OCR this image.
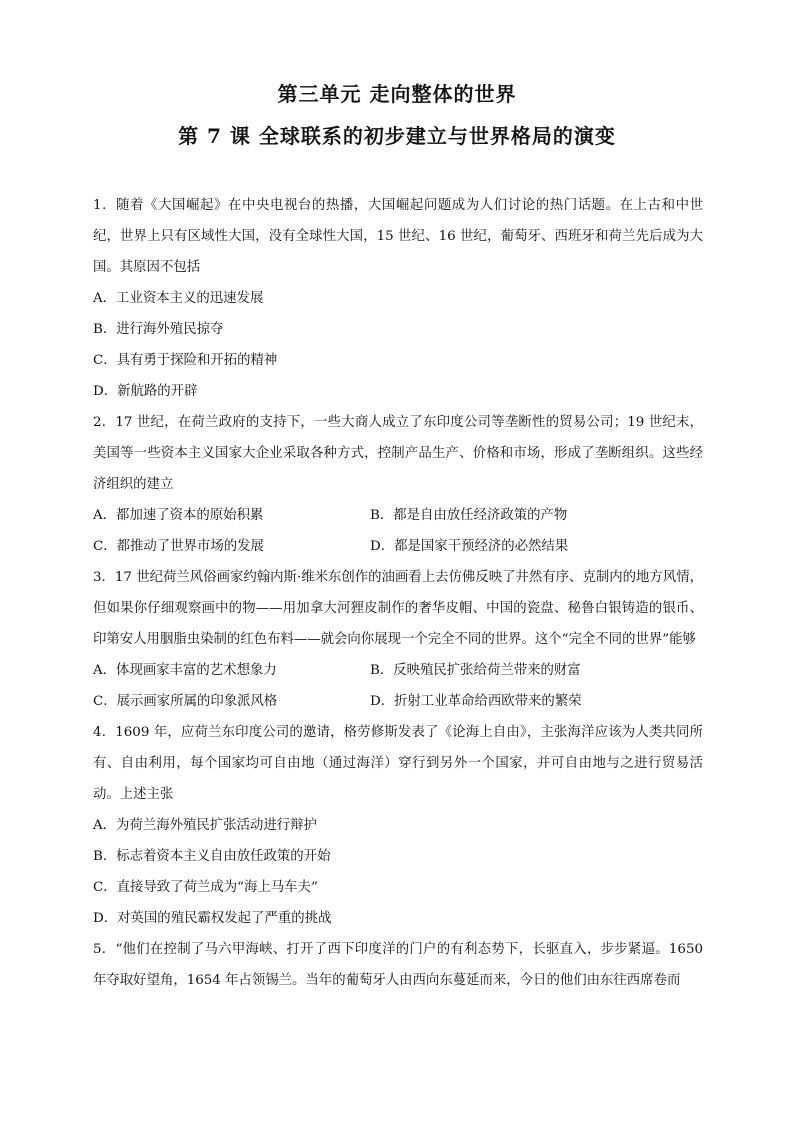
第三单元 走向整体的世界
第 7 课 全球联系的初步建立与世界格局的演变

1．随着《大国崛起》在中央电视台的热播，大国崛起问题成为人们讨论的热门话题。在上古和中世纪，世界上只有区域性大国，没有全球性大国，15 世纪、16 世纪，葡萄牙、西班牙和荷兰先后成为大国。其原因不包括

A．工业资本主义的迅速发展

B．进行海外殖民掠夺

C．具有勇于探险和开拓的精神

D．新航路的开辟

2．17 世纪，在荷兰政府的支持下，一些大商人成立了东印度公司等垄断性的贸易公司；19 世纪末，美国等一些资本主义国家大企业采取各种方式，控制产品生产、价格和市场，形成了垄断组织。这些经济组织的建立

A．都加速了资本的原始积累	B．都是自由放任经济政策的产物
C．都推动了世界市场的发展	D．都是国家干预经济的必然结果

3．17 世纪荷兰风俗画家约翰内斯·维米东创作的油画看上去仿佛反映了井然有序、克制内的地方风情，但如果你仔细观察画中的物——用加拿大河狸皮制作的奢华皮帽、中国的瓷盘、秘鲁白银铸造的银币、印第安人用胭脂虫染制的红色布料——就会向你展现一个完全不同的世界。这个“完全不同的世界”能够

A．体现画家丰富的艺术想象力	B．反映殖民扩张给荷兰带来的财富
C．展示画家所属的印象派风格	D．折射工业革命给西欧带来的繁荣

4．1609 年，应荷兰东印度公司的邀请，格劳修斯发表了《论海上自由》，主张海洋应该为人类共同所有、自由利用，每个国家均可自由地（通过海洋）穿行到另外一个国家，并可自由地与之进行贸易活动。上述主张

A．为荷兰海外殖民扩张活动进行辩护

B．标志着资本主义自由放任政策的开始

C．直接导致了荷兰成为“海上马车夫”

D．对英国的殖民霸权发起了严重的挑战

5．“他们在控制了马六甲海峡、打开了西下印度洋的门户的有利态势下，长驱直入，步步紧逼。1650 年夺取好望角，1654 年占领锡兰。当年的葡萄牙人由西向东蔓延而来，今日的他们由东往西席卷而
